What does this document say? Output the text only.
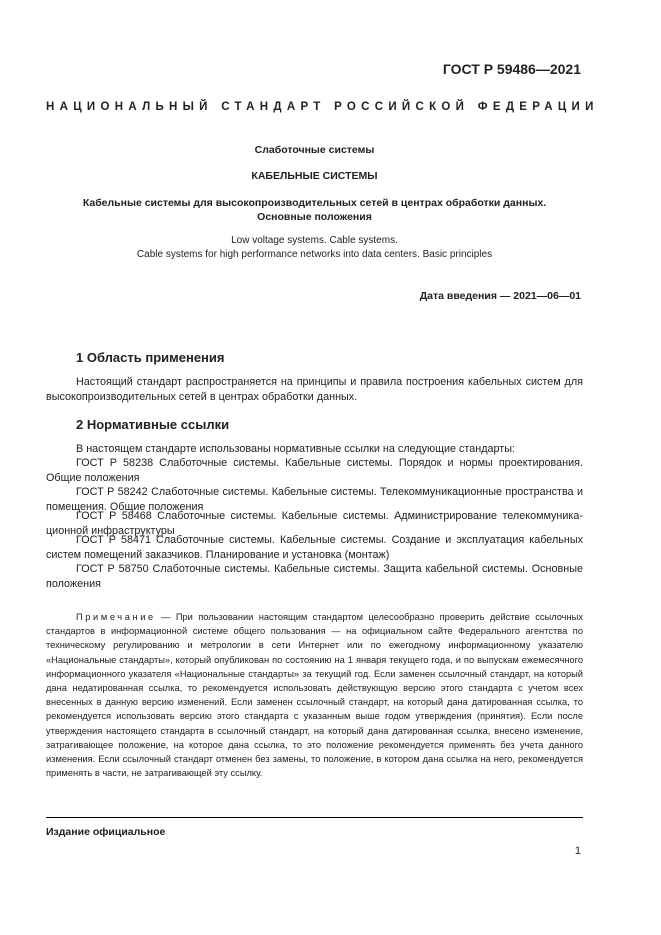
ГОСТ Р 59486—2021
НАЦИОНАЛЬНЫЙ СТАНДАРТ РОССИЙСКОЙ ФЕДЕРАЦИИ
Слаботочные системы
КАБЕЛЬНЫЕ СИСТЕМЫ
Кабельные системы для высокопроизводительных сетей в центрах обработки данных.
Основные положения
Low voltage systems. Cable systems.
Cable systems for high performance networks into data centers. Basic principles
Дата введения — 2021—06—01
1 Область применения
Настоящий стандарт распространяется на принципы и правила построения кабельных систем для высокопроизводительных сетей в центрах обработки данных.
2 Нормативные ссылки
В настоящем стандарте использованы нормативные ссылки на следующие стандарты:
ГОСТ Р 58238 Слаботочные системы. Кабельные системы. Порядок и нормы проектирования. Общие положения
ГОСТ Р 58242 Слаботочные системы. Кабельные системы. Телекоммуникационные пространства и помещения. Общие положения
ГОСТ Р 58468 Слаботочные системы. Кабельные системы. Администрирование телекоммуника-ционной инфраструктуры
ГОСТ Р 58471 Слаботочные системы. Кабельные системы. Создание и эксплуатация кабельных систем помещений заказчиков. Планирование и установка (монтаж)
ГОСТ Р 58750 Слаботочные системы. Кабельные системы. Защита кабельной системы. Основные положения
Примечание — При пользовании настоящим стандартом целесообразно проверить действие ссылочных стандартов в информационной системе общего пользования — на официальном сайте Федерального агентства по техническому регулированию и метрологии в сети Интернет или по ежегодному информационному указателю «Национальные стандарты», который опубликован по состоянию на 1 января текущего года, и по выпускам ежемесячного информационного указателя «Национальные стандарты» за текущий год. Если заменен ссылочный стандарт, на который дана недатированная ссылка, то рекомендуется использовать действующую версию этого стандарта с учетом всех внесенных в данную версию изменений. Если заменен ссылочный стандарт, на который дана датированная ссылка, то рекомендуется использовать версию этого стандарта с указанным выше годом утверждения (принятия). Если после утверждения настоящего стандарта в ссылочный стандарт, на который дана датированная ссылка, внесено изменение, затрагивающее положение, на которое дана ссылка, то это положение рекомендуется применять без учета данного изменения. Если ссылочный стандарт отменен без замены, то положение, в котором дана ссылка на него, рекомендуется применять в части, не затрагивающей эту ссылку.
Издание официальное
1
